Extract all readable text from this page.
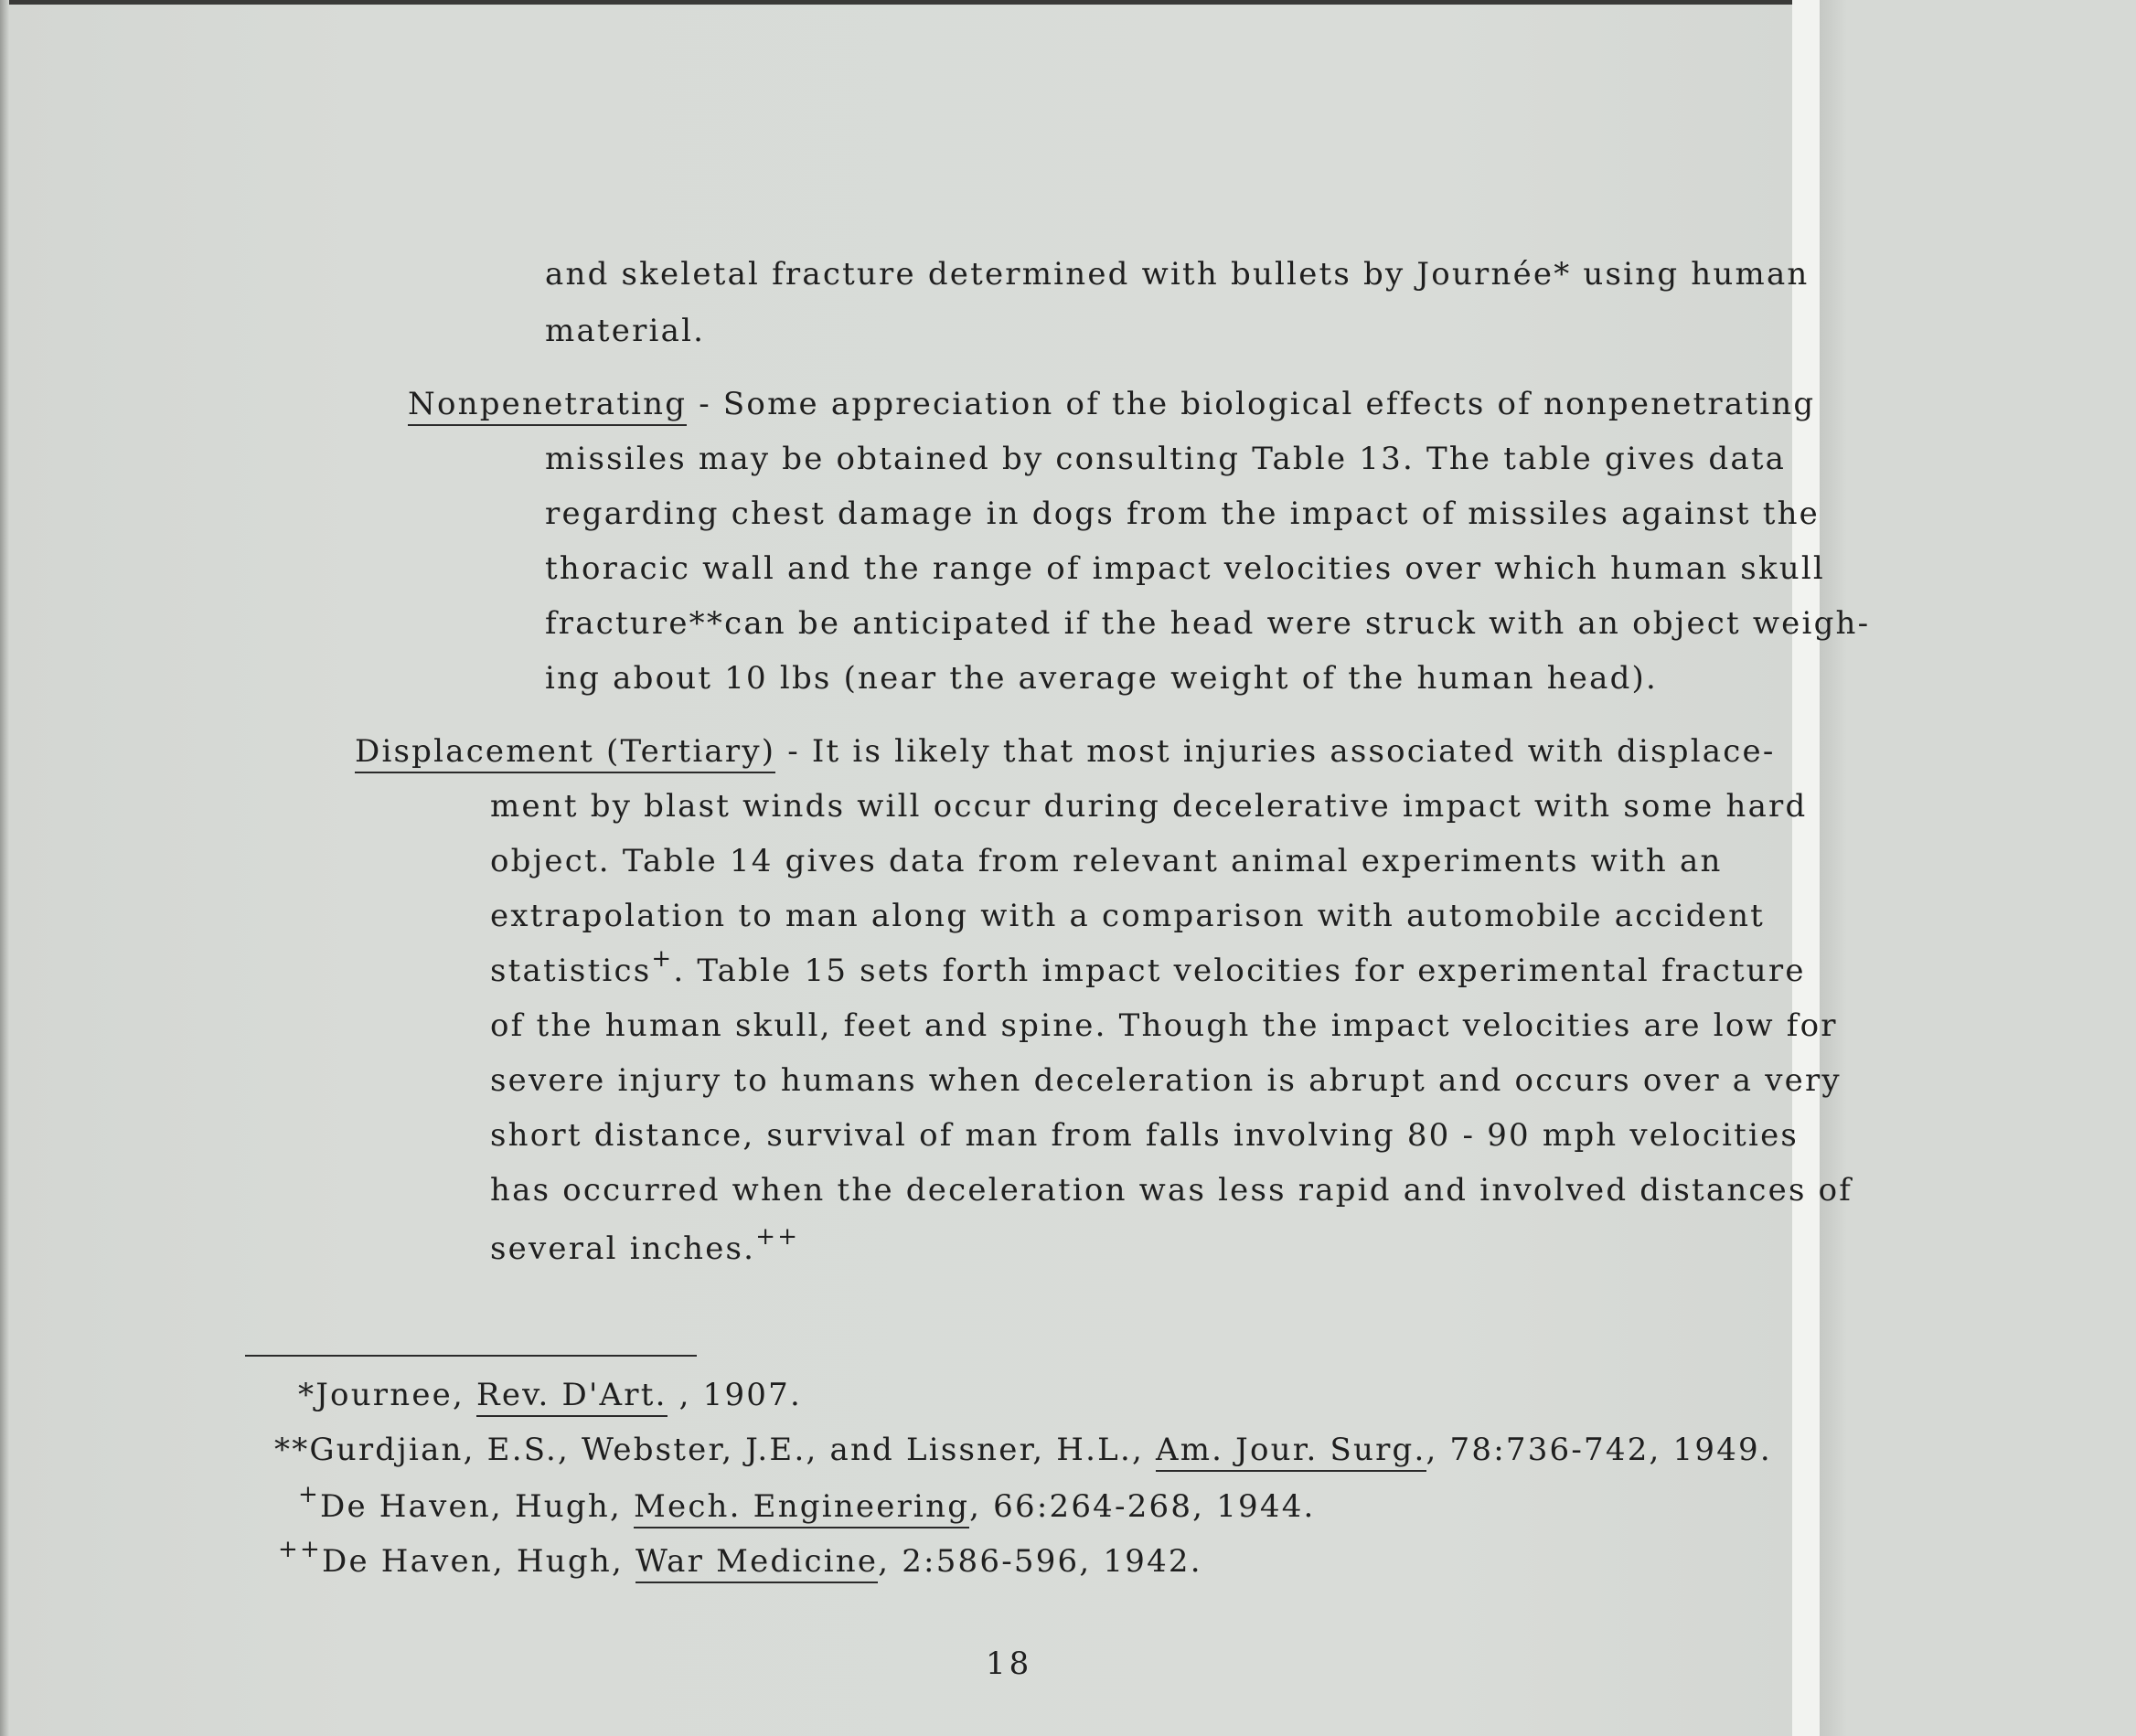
and skeletal fracture determined with bullets by Journée* using human
material.
Nonpenetrating - Some appreciation of the biological effects of nonpenetrating
missiles may be obtained by consulting Table 13. The table gives data
regarding chest damage in dogs from the impact of missiles against the
thoracic wall and the range of impact velocities over which human skull
fracture**can be anticipated if the head were struck with an object weigh-
ing about 10 lbs (near the average weight of the human head).
Displacement (Tertiary) - It is likely that most injuries associated with displace-
ment by blast winds will occur during decelerative impact with some hard
object. Table 14 gives data from relevant animal experiments with an
extrapolation to man along with a comparison with automobile accident
statistics+. Table 15 sets forth impact velocities for experimental fracture
of the human skull, feet and spine. Though the impact velocities are low for
severe injury to humans when deceleration is abrupt and occurs over a very
short distance, survival of man from falls involving 80 - 90 mph velocities
has occurred when the deceleration was less rapid and involved distances of
several inches.++
*Journee, Rev. D'Art. , 1907.
**Gurdjian, E.S., Webster, J.E., and Lissner, H.L., Am. Jour. Surg., 78:736-742, 1949.
+De Haven, Hugh, Mech. Engineering, 66:264-268, 1944.
++De Haven, Hugh, War Medicine, 2:586-596, 1942.
18
